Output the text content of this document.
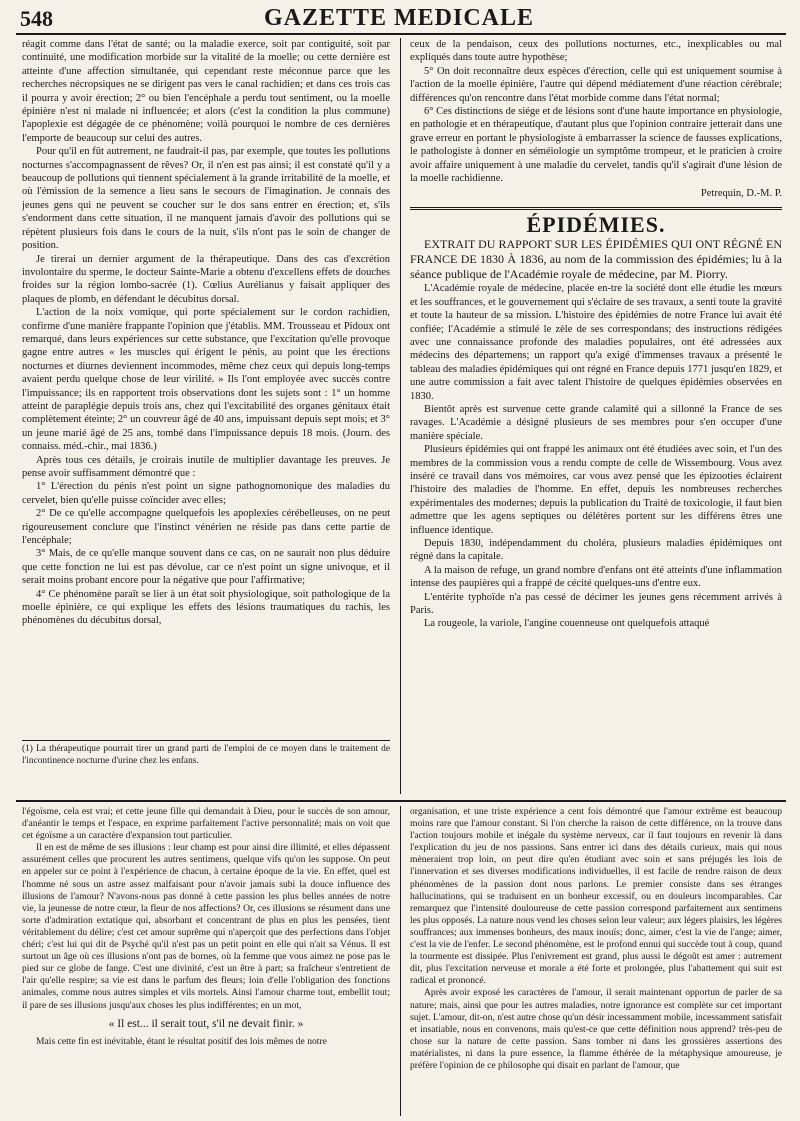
548	GAZETTE MEDICALE

réagit comme dans l'état de santé; ou la maladie exerce, soit par contiguité, soit par continuité, une modification morbide sur la vitalité de la moelle; ou cette dernière est atteinte d'une affection simultanée, qui cependant reste méconnue parce que les recherches nécropsiques ne se dirigent pas vers le canal rachidien; et dans ces trois cas il pourra y avoir érection; 2° ou bien l'encéphale a perdu tout sentiment, ou la moelle épinière n'est ni malade ni influencée; et alors (c'est la condition la plus commune) l'apoplexie est dégagée de ce phénomène; voilà pourquoi le nombre de ces dernières l'emporte de beaucoup sur celui des autres.

Pour qu'il en fût autrement, ne faudrait-il pas, par exemple, que toutes les pollutions nocturnes s'accompagnassent de rêves? Or, il n'en est pas ainsi; il est constaté qu'il y a beaucoup de pollutions qui tiennent spécialement à la grande irritabilité de la moelle, et où l'émission de la semence a lieu sans le secours de l'imagination. Je connais des jeunes gens qui ne peuvent se coucher sur le dos sans entrer en érection; et, s'ils s'endorment dans cette situation, il ne manquent jamais d'avoir des pollutions qui se répètent plusieurs fois dans le cours de la nuit, s'ils n'ont pas le soin de changer de position.

Je tirerai un dernier argument de la thérapeutique. Dans des cas d'excrétion involontaire du sperme, le docteur Sainte-Marie a obtenu d'excellens effets de douches froides sur la région lombo-sacrée (1). Cœlius Aurélianus y faisait appliquer des plaques de plomb, en défendant le décubitus dorsal.

L'action de la noix vomique, qui porte spécialement sur le cordon rachidien, confirme d'une manière frappante l'opinion que j'établis. MM. Trousseau et Pidoux ont remarqué, dans leurs expériences sur cette substance, que l'excitation qu'elle provoque gagne entre autres « les muscles qui érigent le pénis, au point que les érections nocturnes et diurnes deviennent incommodes, même chez ceux qui depuis long-temps avaient perdu quelque chose de leur virilité. » Ils l'ont employée avec succès contre l'impuissance; ils en rapportent trois observations dont les sujets sont : 1° un homme atteint de paraplégie depuis trois ans, chez qui l'excitabilité des organes génitaux était complètement éteinte; 2° un couvreur âgé de 40 ans, impuissant depuis sept mois; et 3° un jeune marié âgé de 25 ans, tombé dans l'impuissance depuis 18 mois. (Journ. des connaiss. méd.-chir., mai 1836.)

Après tous ces détails, je croirais inutile de multiplier davantage les preuves. Je pense avoir suffisamment démontré que :

1° L'érection du pénis n'est point un signe pathognomonique des maladies du cervelet, bien qu'elle puisse coïncider avec elles;

2° De ce qu'elle accompagne quelquefois les apoplexies cérébelleuses, on ne peut rigoureusement conclure que l'instinct vénérien ne réside pas dans cette partie de l'encéphale;

3° Mais, de ce qu'elle manque souvent dans ce cas, on ne saurait non plus déduire que cette fonction ne lui est pas dévolue, car ce n'est point un signe univoque, et il serait moins probant encore pour la négative que pour l'affirmative;

4° Ce phénomène paraît se lier à un état soit physiologique, soit pathologique de la moelle épinière, ce qui explique les effets des lésions traumatiques du rachis, les phénomènes du décubitus dorsal,

(1) La thérapeutique pourrait tirer un grand parti de l'emploi de ce moyen dans le traitement de l'incontinence nocturne d'urine chez les enfans.

ceux de la pendaison, ceux des pollutions nocturnes, etc., inexplicables ou mal expliqués dans toute autre hypothèse;

5° On doit reconnaître deux espèces d'érection, celle qui est uniquement soumise à l'action de la moelle épinière, l'autre qui dépend médiatement d'une réaction cérébrale; différences qu'on rencontre dans l'état morbide comme dans l'état normal;

6° Ces distinctions de siége et de lésions sont d'une haute importance en physiologie, en pathologie et en thérapeutique, d'autant plus que l'opinion contraire jetterait dans une grave erreur en portant le physiologiste à embarrasser la science de fausses explications, le pathologiste à donner en séméiologie un symptôme trompeur, et le praticien à croire avoir affaire uniquement à une maladie du cervelet, tandis qu'il s'agirait d'une lésion de la moelle rachidienne.

Petrequin, D.-M. P.

ÉPIDÉMIES.

EXTRAIT DU RAPPORT SUR LES ÉPIDÉMIES QUI ONT RÉGNÉ EN FRANCE DE 1830 À 1836, au nom de la commission des épidémies; lu à la séance publique de l'Académie royale de médecine, par M. Piorry.

L'Académie royale de médecine, placée en-tre la société dont elle étudie les mœurs et les souffrances, et le gouvernement qui s'éclaire de ses travaux, a senti toute la gravité et toute la hauteur de sa mission. L'histoire des épidémies de notre France lui avait été confiée; l'Académie a stimulé le zèle de ses correspondans; des instructions rédigées avec une connaissance profonde des maladies populaires, ont été adressées aux médecins des départemens; un rapport qu'a exigé d'immenses travaux a présenté le tableau des maladies épidémiques qui ont régné en France depuis 1771 jusqu'en 1829, et une autre commission a fait avec talent l'histoire de quelques épidémies observées en 1830.

Bientôt après est survenue cette grande calamité qui a sillonné la France de ses ravages. L'Académie a désigné plusieurs de ses membres pour s'en occuper d'une manière spéciale.

Plusieurs épidémies qui ont frappé les animaux ont été étudiées avec soin, et l'un des membres de la commission vous a rendu compte de celle de Wissembourg. Vous avez inséré ce travail dans vos mémoires, car vous avez pensé que les épizooties éclairent l'histoire des maladies de l'homme. En effet, depuis les nombreuses recherches expérimentales des modernes; depuis la publication du Traité de toxicologie, il faut bien admettre que les agens septiques ou délétères portent sur les différens êtres une influence identique.

Depuis 1830, indépendamment du choléra, plusieurs maladies épidémiques ont régné dans la capitale.

A la maison de refuge, un grand nombre d'enfans ont été atteints d'une inflammation intense des paupières qui a frappé de cécité quelques-uns d'entre eux.

L'entérite typhoïde n'a pas cessé de décimer les jeunes gens récemment arrivés à Paris.

La rougeole, la variole, l'angine couenneuse ont quelquefois attaqué

l'égoïsme, cela est vrai; et cette jeune fille qui demandait à Dieu, pour le succès de son amour, d'anéantir le temps et l'espace, en exprime parfaitement l'active personnalité; mais on voit que cet égoïsme a un caractère d'expansion tout particulier.

Il en est de même de ses illusions : leur champ est pour ainsi dire illimité, et elles dépassent assurément celles que procurent les autres sentimens, quelque vifs qu'on les suppose. On peut en appeler sur ce point à l'expérience de chacun, à certaine époque de la vie. En effet, quel est l'homme né sous un astre assez malfaisant pour n'avoir jamais subi la douce influence des illusions de l'amour? N'avons-nous pas donné à cette passion les plus belles années de notre vie, la jeunesse de notre cœur, la fleur de nos affections? Or, ces illusions se résument dans une sorte d'admiration extatique qui, absorbant et concentrant de plus en plus les pensées, tient véritablement du délire; c'est cet amour suprême qui n'aperçoit que des perfections dans l'objet chéri; c'est lui qui dit de Psyché qu'il n'est pas un petit point en elle qui n'ait sa Vénus. Il est surtout un âge où ces illusions n'ont pas de bornes, où la femme que vous aimez ne pose pas le pied sur ce globe de fange. C'est une divinité, c'est un être à part; sa fraîcheur s'entretient de l'air qu'elle respire; sa vie est dans le parfum des fleurs; loin d'elle l'obligation des fonctions animales, comme nous autres simples et vils mortels. Ainsi l'amour charme tout, embellit tout; il pare de ses illusions jusqu'aux choses les plus indifférentes; en un mot,

« Il est... il serait tout, s'il ne devait finir. »

Mais cette fin est inévitable, étant le résultat positif des lois mêmes de notre

organisation, et une triste expérience a cent fois démontré que l'amour extrême est beaucoup moins rare que l'amour constant. Si l'on cherche la raison de cette différence, on la trouve dans l'action toujours mobile et inégale du système nerveux, car il faut toujours en revenir là dans l'explication du jeu de nos passions. Sans entrer ici dans des détails curieux, mais qui nous mèneraient trop loin, on peut dire qu'en étudiant avec soin et sans préjugés les lois de l'innervation et ses diverses modifications individuelles, il est facile de rendre raison de deux phénomènes de la passion dont nous parlons. Le premier consiste dans ses étranges hallucinations, qui se traduisent en un bonheur excessif, ou en douleurs incomparables. Car remarquez que l'intensité douloureuse de cette passion correspond parfaitement aux sentimens les plus opposés. La nature nous vend les choses selon leur valeur; aux légers plaisirs, les légères souffrances; aux immenses bonheurs, des maux inouïs; donc, aimer, c'est la vie de l'ange; aimer, c'est la vie de l'enfer. Le second phénomène, est le profond ennui qui succède tout à coup, quand la tourmente est dissipée. Plus l'enivrement est grand, plus aussi le dégoût est amer : autrement dit, plus l'excitation nerveuse et morale a été forte et prolongée, plus l'abattement qui suit est radical et prononcé.

Après avoir exposé les caractères de l'amour, il serait maintenant opportun de parler de sa nature; mais, ainsi que pour les autres maladies, notre ignorance est complète sur cet important sujet. L'amour, dit-on, n'est autre chose qu'un désir incessamment mobile, incessamment satisfait et insatiable, nous en convenons, mais qu'est-ce que cette définition nous apprend? très-peu de chose sur la nature de cette passion. Sans tomber ni dans les grossières assertions des matérialistes, ni dans la pure essence, la flamme éthérée de la métaphysique amoureuse, je préfère l'opinion de ce philosophe qui disait en parlant de l'amour, que
